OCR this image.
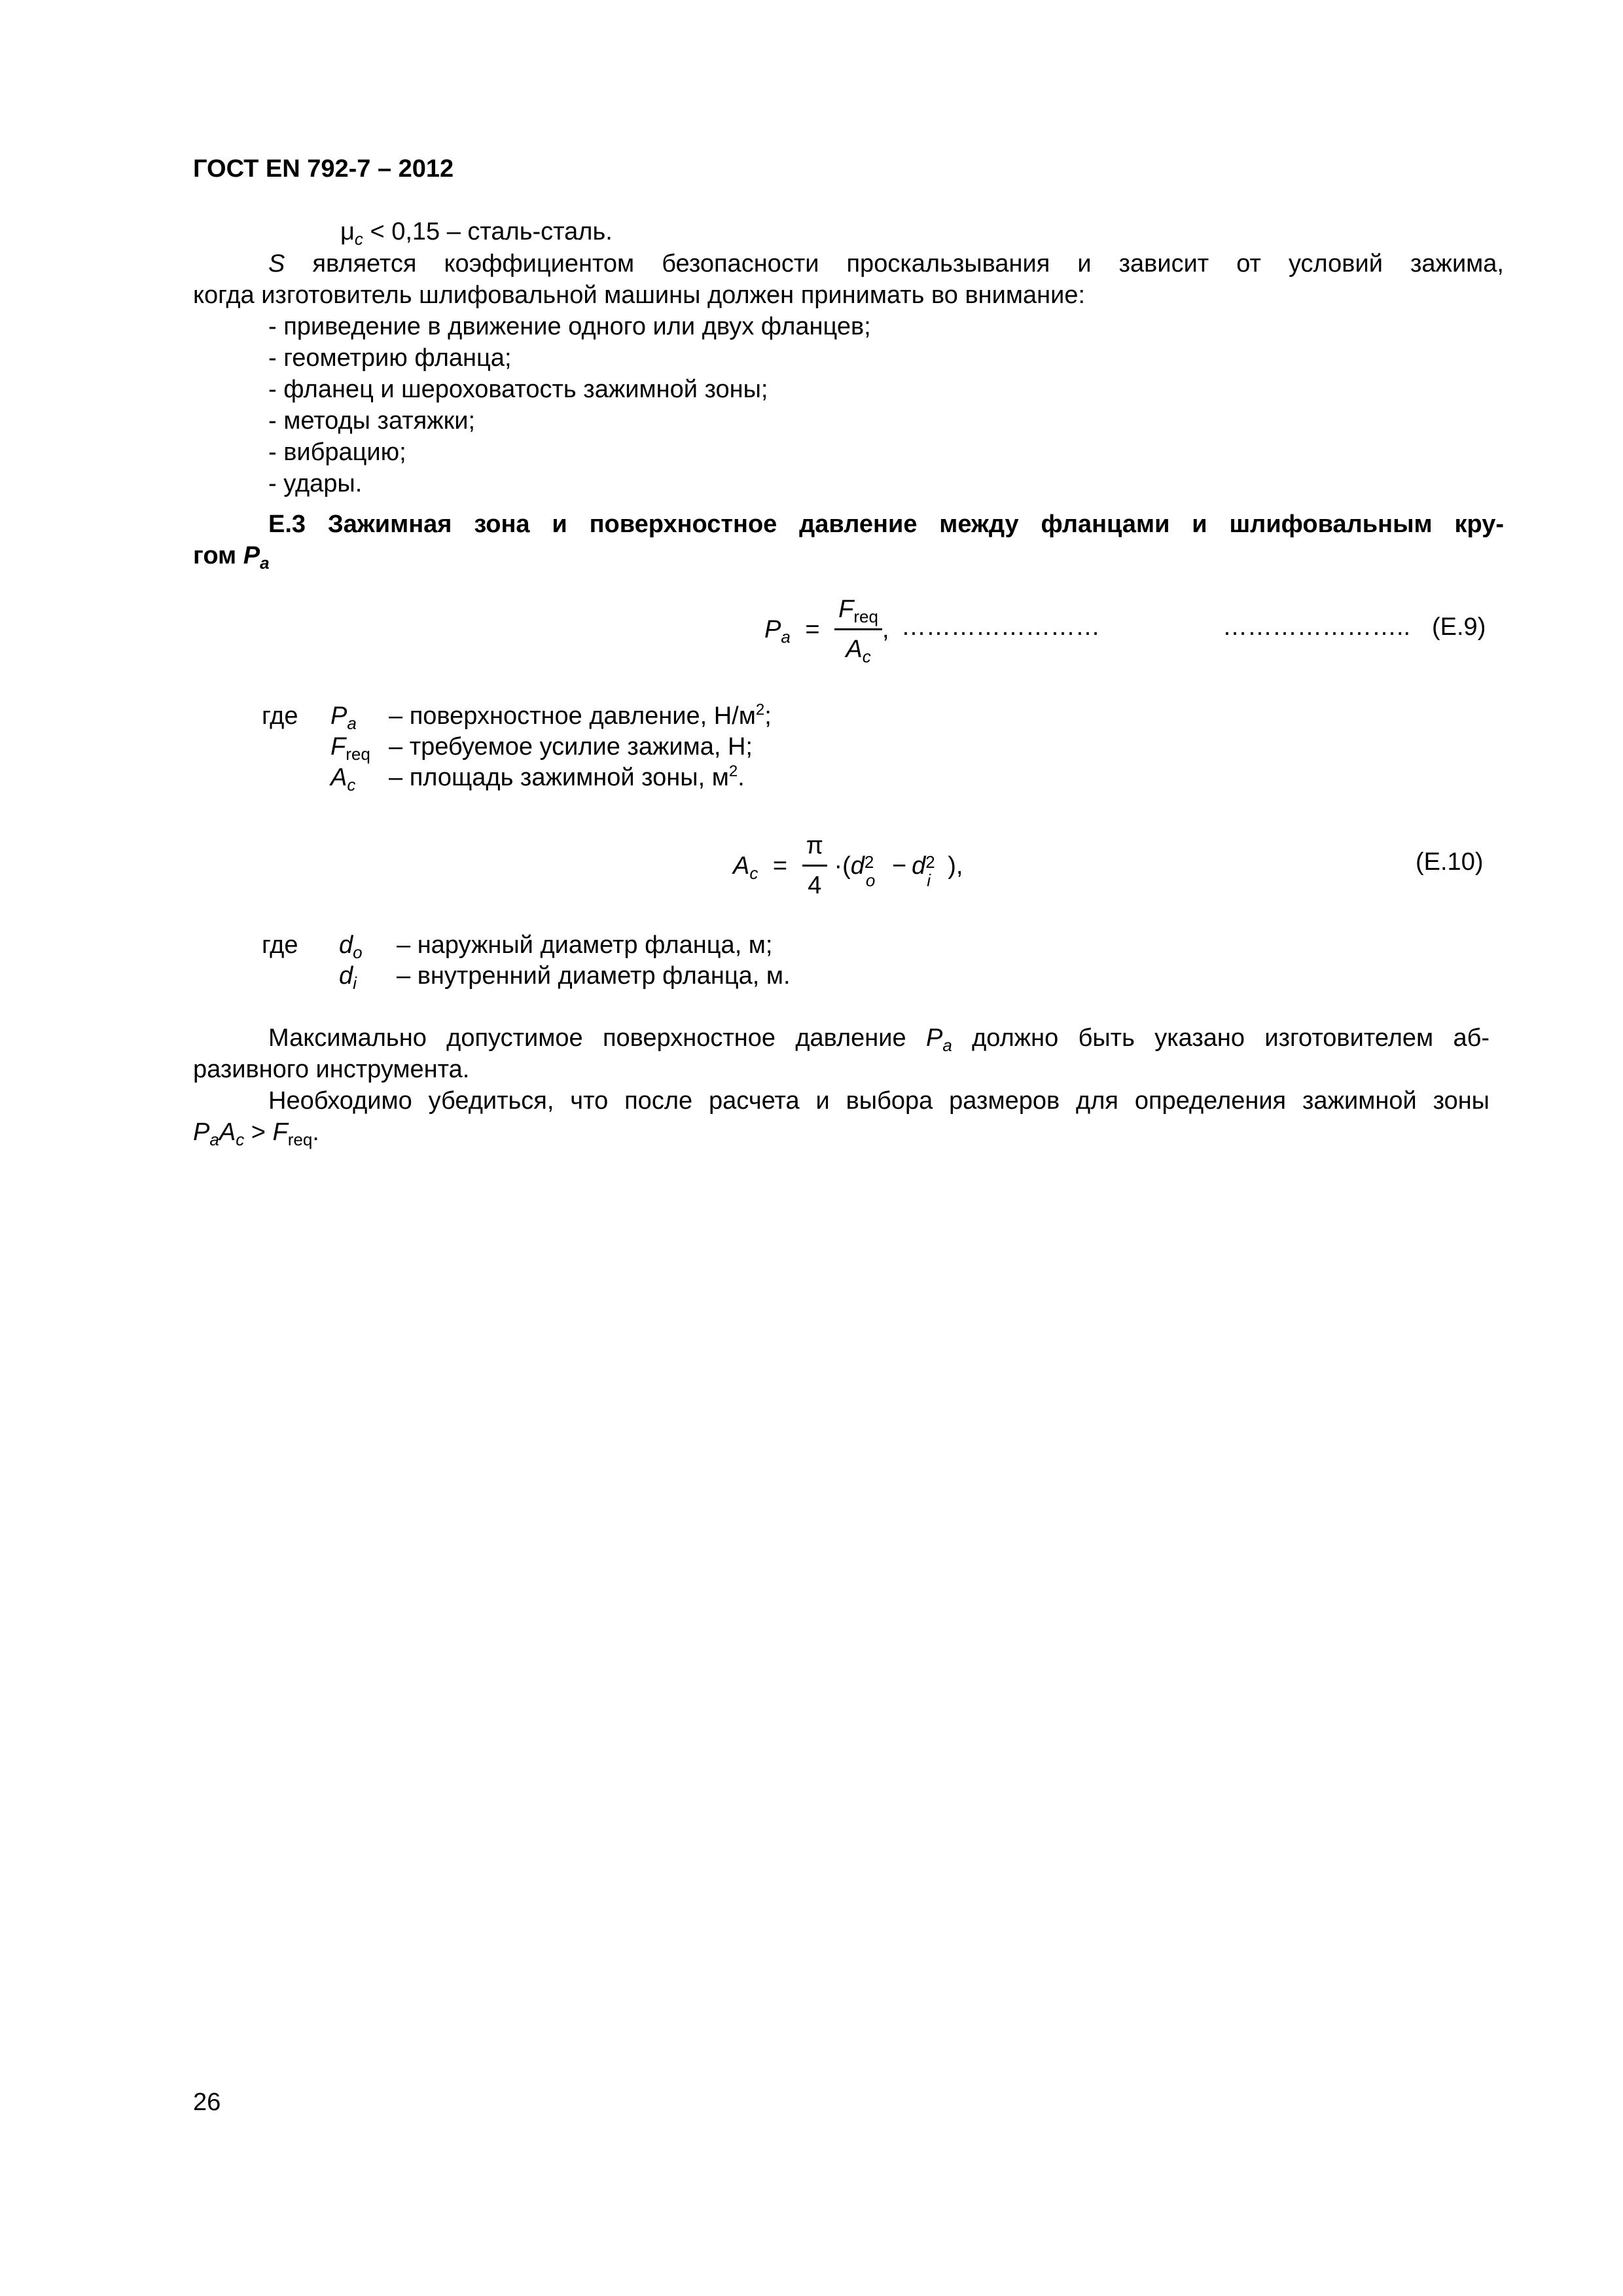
ГОСТ EN 792-7 – 2012
$\mu_c < 0,15$ – сталь-сталь.
S является коэффициентом безопасности проскальзывания и зависит от условий зажима,
когда изготовитель шлифовальной машины должен принимать во внимание:
- приведение в движение одного или двух фланцев;
- геометрию фланца;
- фланец и шероховатость зажимной зоны;
- методы затяжки;
- вибрацию;
- удары.
Е.3 Зажимная зона и поверхностное давление между фланцами и шлифовальным кру-
гом $P_a$
$P_a = \frac{F_{req}}{A_c}$ , ……………………	………………….. (E.9)
где $P_a$ – поверхностное давление, $Н/м^2$;
$F_{req}$ – требуемое усилие зажима, Н;
$A_c$ – площадь зажимной зоны, $м^2$.
$A_c = \frac{\pi}{4} \cdot(d$ 2
o
− d 2
i
),	(E.10)
где $d_o$ – наружный диаметр фланца, м;
$d_i$ – внутренний диаметр фланца, м.
Максимально допустимое поверхностное давление $P_a$ должно быть указано изготовителем аб-
разивного инструмента.
Необходимо убедиться, что после расчета и выбора размеров для определения зажимной зоны
$P_aA_c > F_{req}$.
26
